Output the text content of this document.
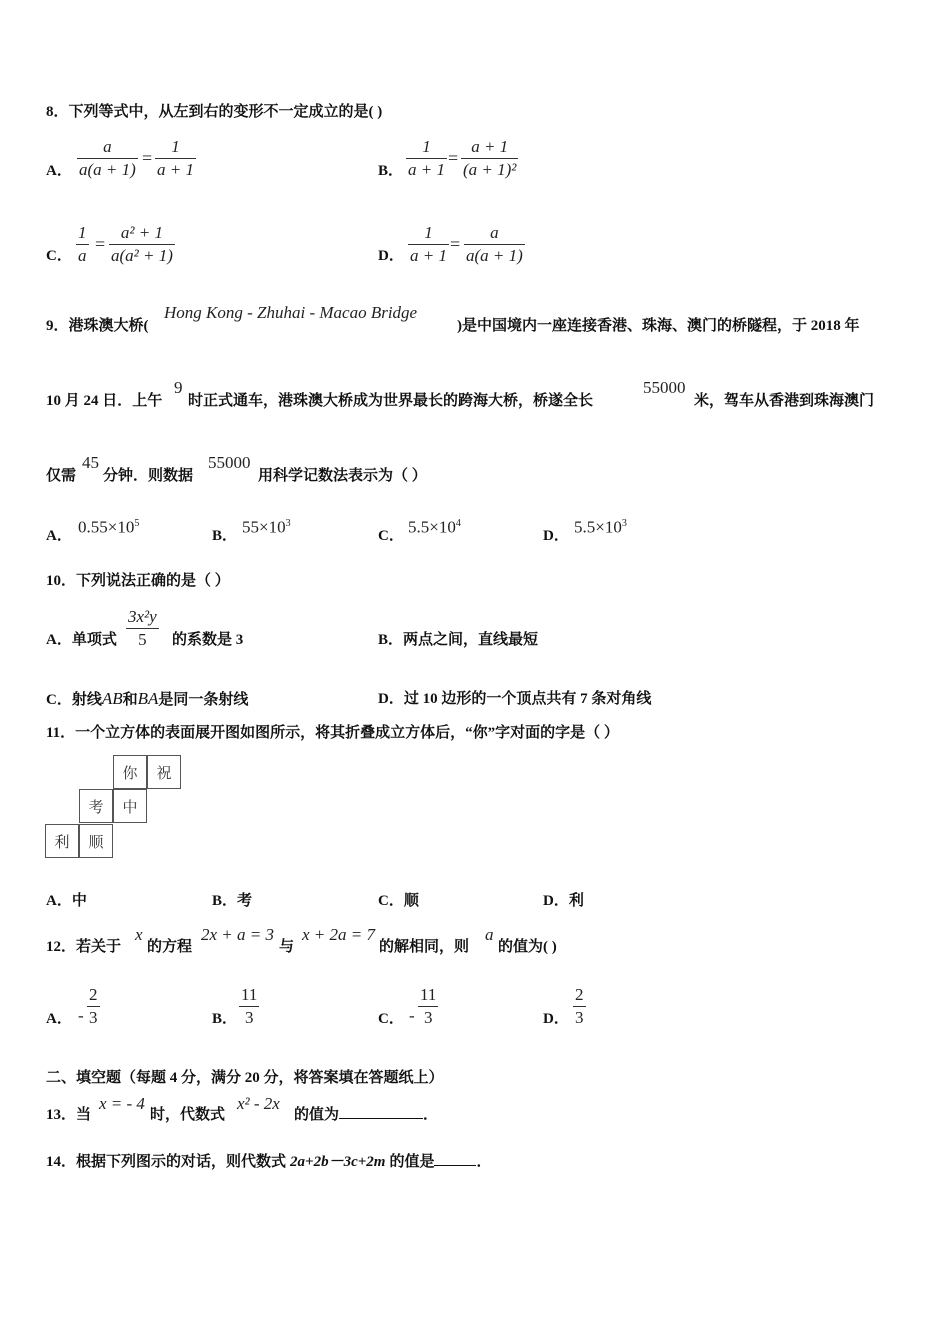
8．下列等式中，从左到右的变形不一定成立的是( )
A． $\frac{a}{a(a + 1)} = \frac{1}{a + 1}$	B． $\frac{1}{a + 1} = \frac{a + 1}{\text{(a + 1)²}}$
C． $\frac{1}{a} = \frac{\text{a² + 1}}{\text{a(a² + 1)}}$	D． $\frac{1}{a + 1} = \frac{a}{a(a + 1)}$
9．港珠澳大桥(
Hong Kong - Zhuhai - Macao Bridge
)是中国境内一座连接香港、珠海、澳门的桥隧程，于 2018 年
10 月 24 日．上午
9
时正式通车，港珠澳大桥成为世界最长的跨海大桥，桥遂全长
55000
米，驾车从香港到珠海澳门
仅需
45
分钟．则数据
55000
用科学记数法表示为（ ）
A． $0.55\times 10^5$
B． $55\times 10^3$
C． $5.5\times 10^4$
D． $5.5\times 10^3$
10．下列说法正确的是（ ）
A．单项式 $\frac{\text{3x²y}}{5}$ 的系数是 3	B．两点之间，直线最短
C．射线AB和BA是同一条射线	D．过 10 边形的一个顶点共有 7 条对角线
11．一个立方体的表面展开图如图所示，将其折叠成立方体后，“你”字对面的字是（ ）
你	祝
考	中
利	顺
A．中	B．考	C．顺	D．利
12．若关于
x
的方程
2x + a = 3
与
x + 2a = 7
的解相同，则
a
的值为( )
A． - $\frac{2}{3}$	B． $\frac{11}{3}$	C． - $\frac{11}{3}$	D． $\frac{2}{3}$
二、填空题（每题 4 分，满分 20 分，将答案填在答题纸上）
13．当
x = - 4
时，代数式
x² - 2x
的值为	．
14．根据下列图示的对话，则代数式 2a+2b－3c+2m 的值是	．
